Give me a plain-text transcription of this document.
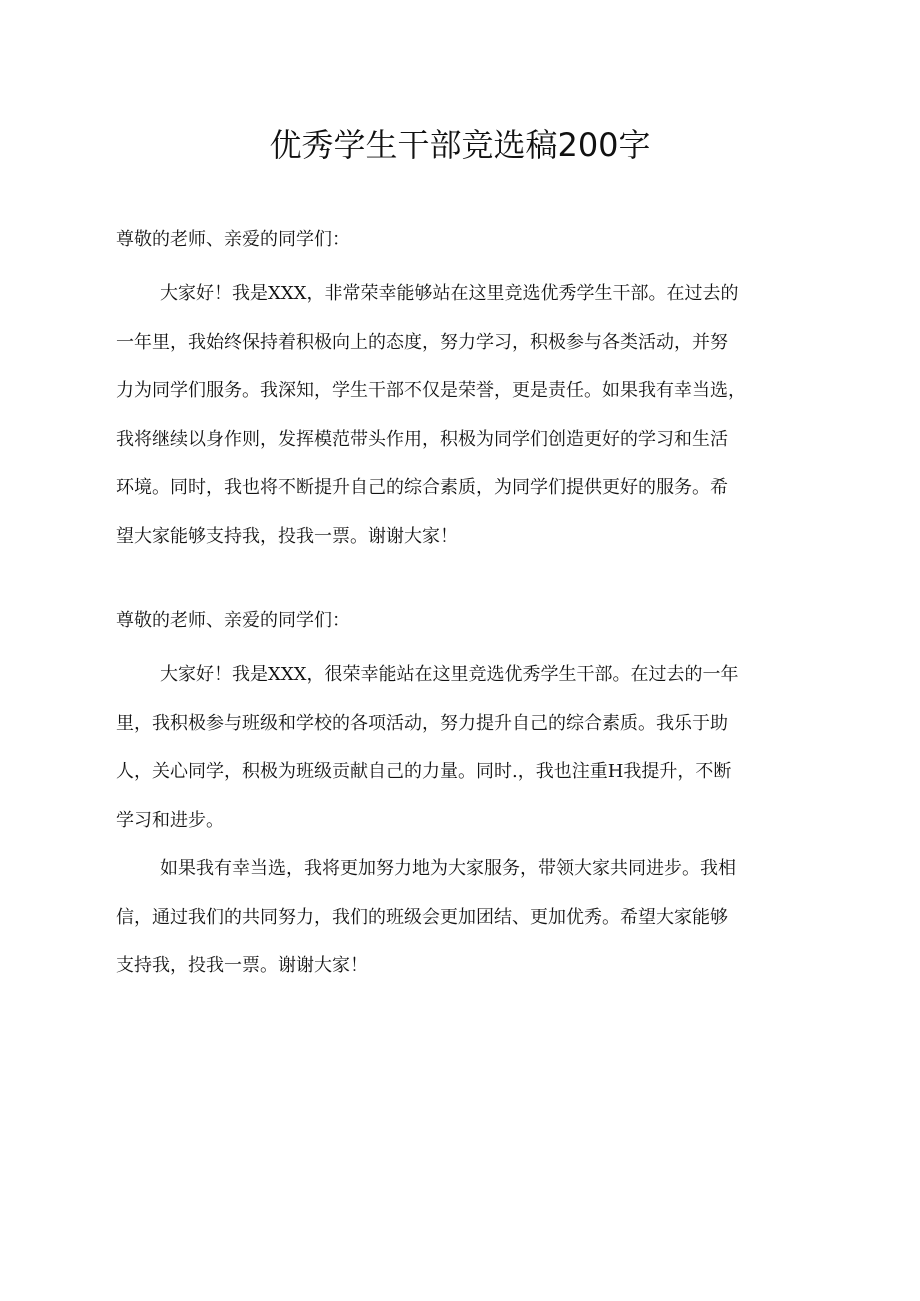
优秀学生干部竞选稿200字

尊敬的老师、亲爱的同学们：

大家好！我是XXX，非常荣幸能够站在这里竞选优秀学生干部。在过去的
一年里，我始终保持着积极向上的态度，努力学习，积极参与各类活动，并努
力为同学们服务。我深知，学生干部不仅是荣誉，更是责任。如果我有幸当选，
我将继续以身作则，发挥模范带头作用，积极为同学们创造更好的学习和生活
环境。同时，我也将不断提升自己的综合素质，为同学们提供更好的服务。希
望大家能够支持我，投我一票。谢谢大家！

尊敬的老师、亲爱的同学们：

大家好！我是XXX，很荣幸能站在这里竞选优秀学生干部。在过去的一年
里，我积极参与班级和学校的各项活动，努力提升自己的综合素质。我乐于助
人，关心同学，积极为班级贡献自己的力量。同时.，我也注重H我提升，不断
学习和进步。

如果我有幸当选，我将更加努力地为大家服务，带领大家共同进步。我相
信，通过我们的共同努力，我们的班级会更加团结、更加优秀。希望大家能够
支持我，投我一票。谢谢大家！
